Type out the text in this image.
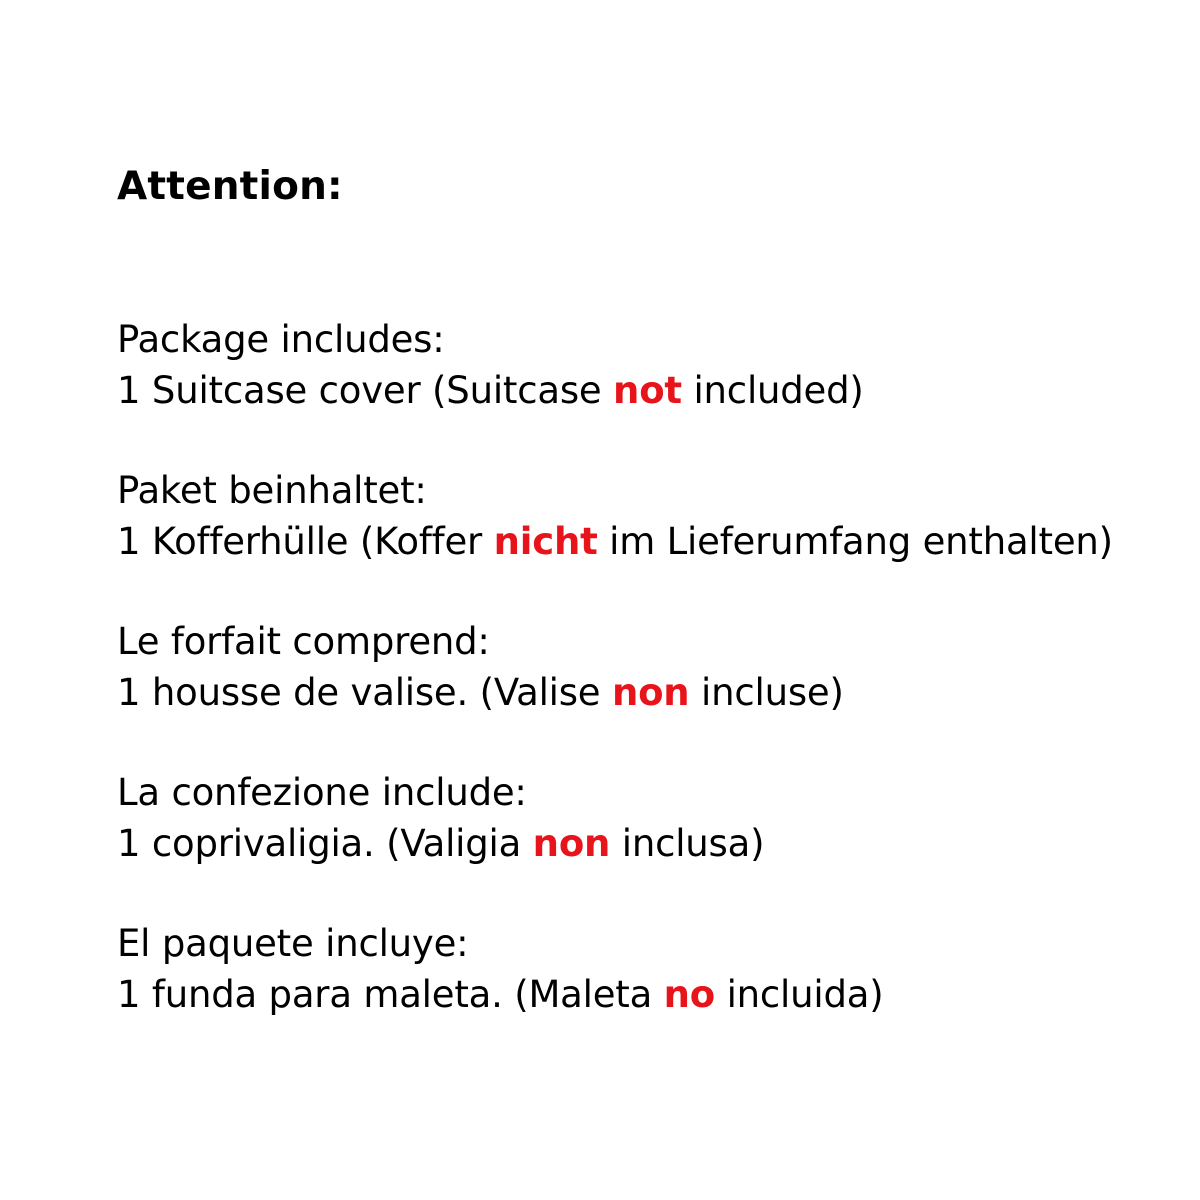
Attention:
Package includes:
1 Suitcase cover (Suitcase not included)
Paket beinhaltet:
1 Kofferhülle (Koffer nicht im Lieferumfang enthalten)
Le forfait comprend:
1 housse de valise. (Valise non incluse)
La confezione include:
1 coprivaligia. (Valigia non inclusa)
El paquete incluye:
1 funda para maleta. (Maleta no incluida)
